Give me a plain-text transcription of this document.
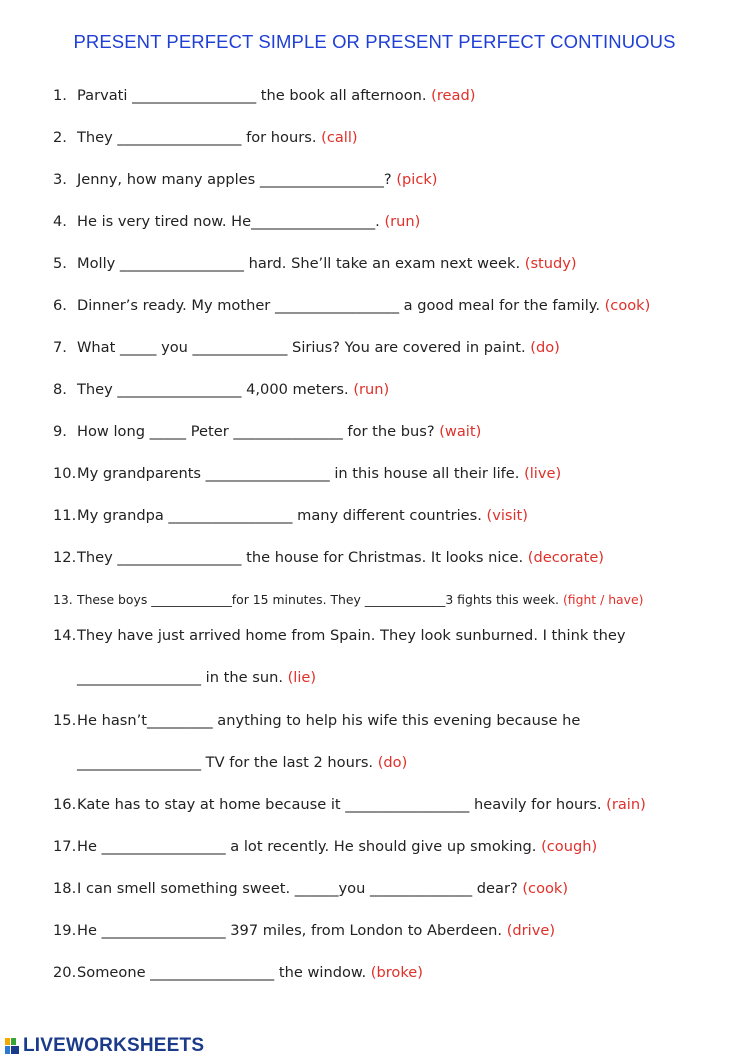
PRESENT PERFECT SIMPLE OR PRESENT PERFECT CONTINUOUS
1. Parvati _________________ the book all afternoon. (read)
2. They _________________ for hours. (call)
3. Jenny, how many apples _________________? (pick)
4. He is very tired now. He_________________. (run)
5. Molly _________________ hard. She’ll take an exam next week. (study)
6. Dinner’s ready. My mother _________________ a good meal for the family. (cook)
7. What _____ you _____________ Sirius? You are covered in paint. (do)
8. They _________________ 4,000 meters. (run)
9. How long _____ Peter _______________ for the bus? (wait)
10.My grandparents _________________ in this house all their life. (live)
11.My grandpa _________________ many different countries. (visit)
12.They _________________ the house for Christmas. It looks nice. (decorate)
13. These boys _____________for 15 minutes. They _____________3 fights this week. (fight / have)
14.They have just arrived home from Spain. They look sunburned. I think they
_________________ in the sun. (lie)
15.He hasn’t_________ anything to help his wife this evening because he
_________________ TV for the last 2 hours. (do)
16.Kate has to stay at home because it _________________ heavily for hours. (rain)
17.He _________________ a lot recently. He should give up smoking. (cough)
18.I can smell something sweet. ______you ______________ dear? (cook)
19.He _________________ 397 miles, from London to Aberdeen. (drive)
20.Someone _________________ the window. (broke)
LIVEWORKSHEETS
